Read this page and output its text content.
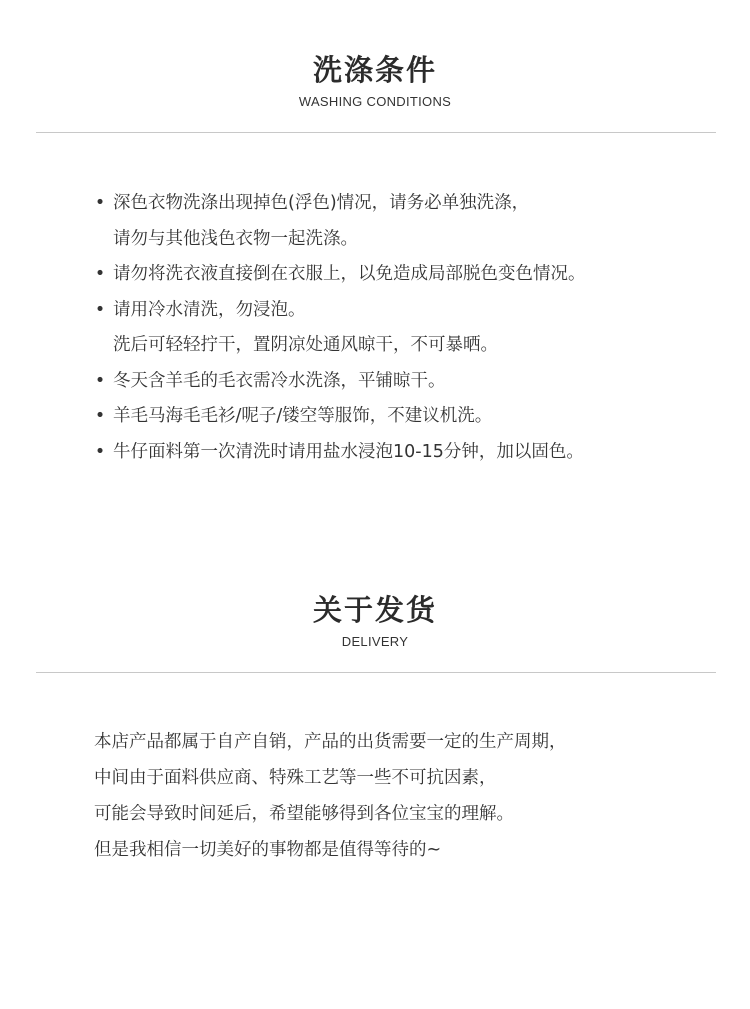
洗涤条件
WASHING CONDITIONS
• 深色衣物洗涤出现掉色(浮色)情况，请务必单独洗涤，
请勿与其他浅色衣物一起洗涤。
• 请勿将洗衣液直接倒在衣服上，以免造成局部脱色变色情况。
• 请用冷水清洗，勿浸泡。
洗后可轻轻拧干，置阴凉处通风晾干，不可暴晒。
• 冬天含羊毛的毛衣需冷水洗涤，平铺晾干。
• 羊毛马海毛毛衫/呢子/镂空等服饰，不建议机洗。
• 牛仔面料第一次清洗时请用盐水浸泡10-15分钟，加以固色。
关于发货
DELIVERY
本店产品都属于自产自销，产品的出货需要一定的生产周期，
中间由于面料供应商、特殊工艺等一些不可抗因素，
可能会导致时间延后，希望能够得到各位宝宝的理解。
但是我相信一切美好的事物都是值得等待的~
